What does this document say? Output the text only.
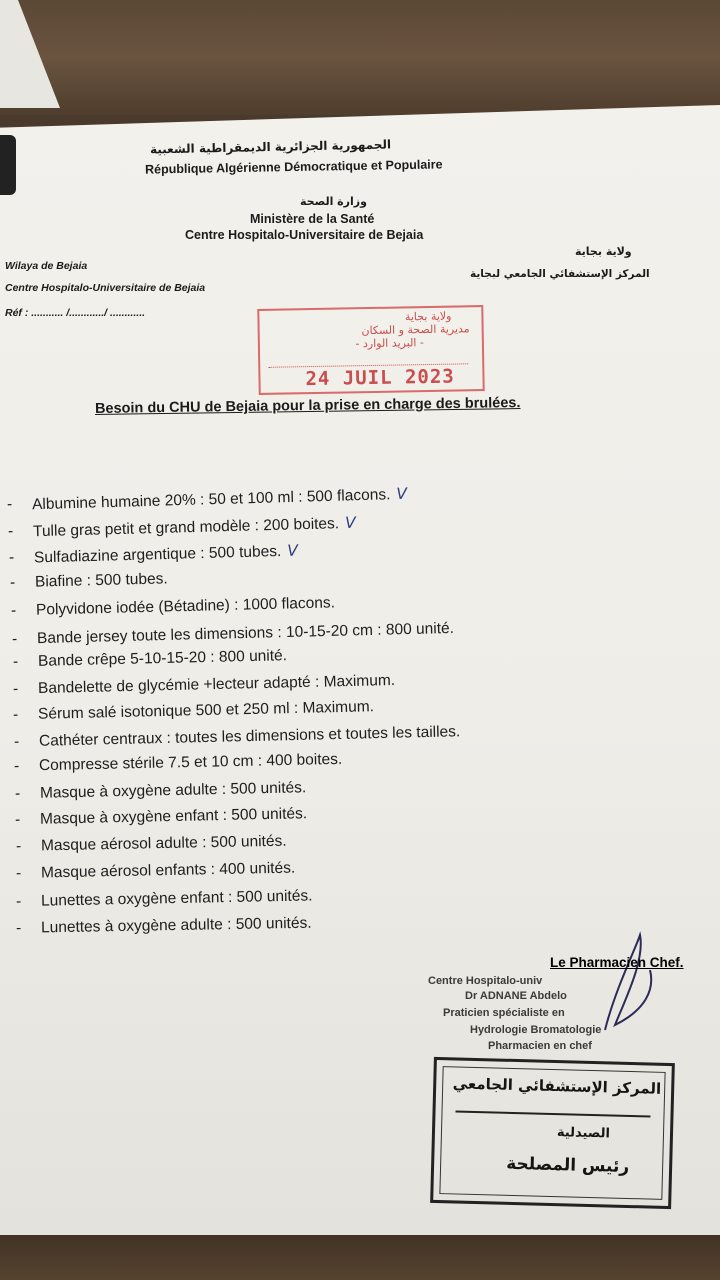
الجمهورية الجزائرية الديمقراطية الشعبية
République Algérienne Démocratique et Populaire
وزارة الصحة
Ministère de la Santé
Centre Hospitalo-Universitaire de Bejaia
Wilaya de Bejaia
Centre Hospitalo-Universitaire de Bejaia
Réf : ........... /............/ ............
ولاية بجاية
المركز الإستشفائي الجامعي لبجاية
ولاية بجاية
مديرية الصحة و السكان
- البريد الوارد -
24 JUIL 2023
Besoin du CHU de Bejaia pour la prise en charge des brulées.
- Albumine humaine 20% : 50 et 100 ml : 500 flacons. V
- Tulle gras petit et grand modèle : 200 boites. V
- Sulfadiazine argentique : 500 tubes. V
- Biafine : 500 tubes.
- Polyvidone iodée (Bétadine) : 1000 flacons.
- Bande jersey toute les dimensions : 10-15-20 cm : 800 unité.
- Bande crêpe 5-10-15-20 : 800 unité.
- Bandelette de glycémie +lecteur adapté : Maximum.
- Sérum salé isotonique 500 et 250 ml : Maximum.
- Cathéter centraux : toutes les dimensions et toutes les tailles.
- Compresse stérile 7.5 et 10 cm : 400 boites.
- Masque à oxygène adulte : 500 unités.
- Masque à oxygène enfant : 500 unités.
- Masque aérosol adulte : 500 unités.
- Masque aérosol enfants : 400 unités.
- Lunettes a oxygène enfant : 500 unités.
- Lunettes à oxygène adulte : 500 unités.
Le Pharmacien Chef.
Centre Hospitalo-univ
Dr ADNANE Abdelo
Praticien spécialiste en
Hydrologie Bromatologie
Pharmacien en chef
المركز الإستشفائي الجامعي
الصيدلية
رئيس المصلحة
